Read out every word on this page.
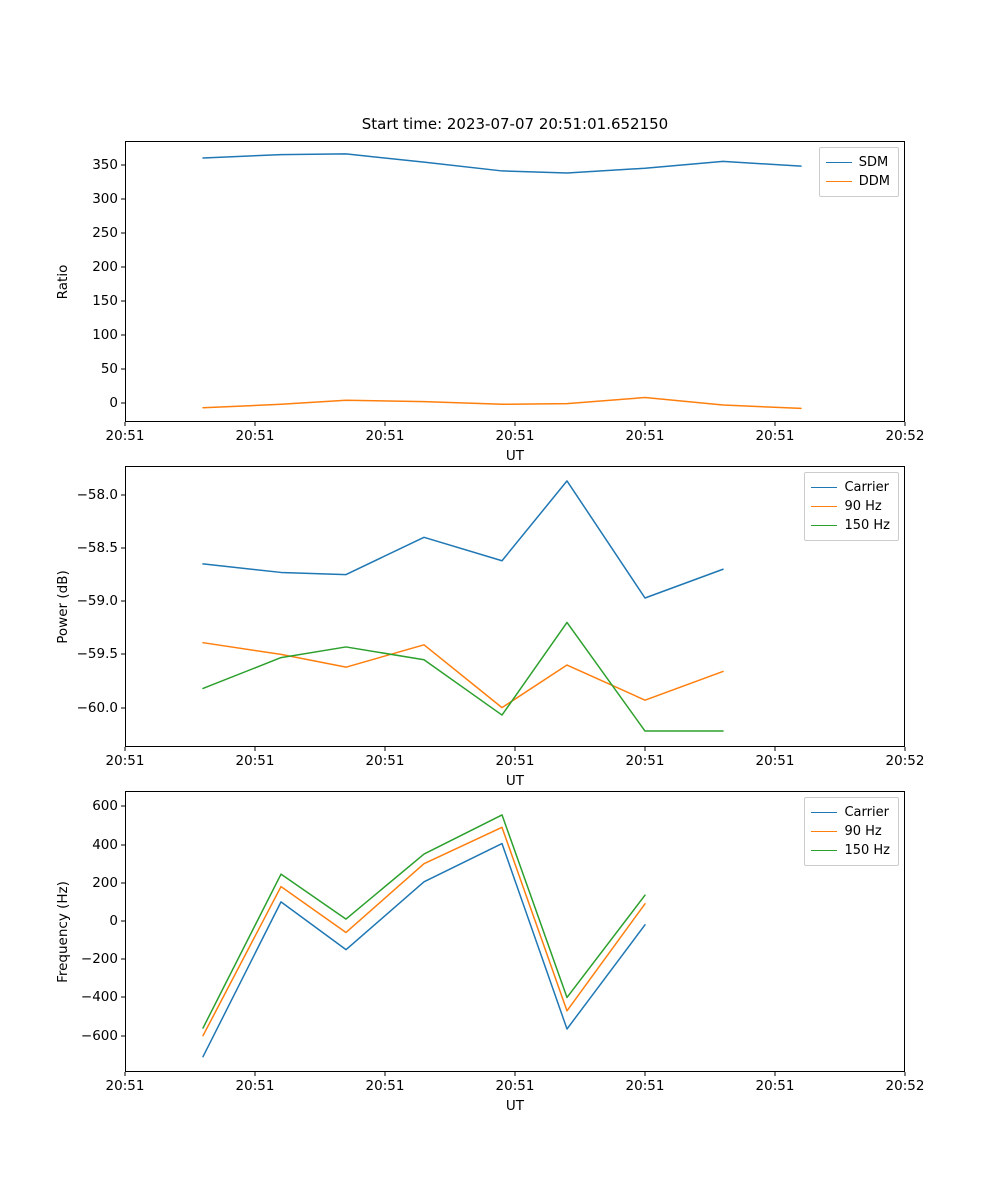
Start time: 2023-07-07 20:51:01.652150
Ratio
UT
SDM
DDM
0
50
100
150
200
250
300
350
20:51	20:51	20:51	20:51	20:51	20:51	20:52
Power (dB)
UT
Carrier
90 Hz
150 Hz
−60.0
−59.5
−59.0
−58.5
−58.0
20:51	20:51	20:51	20:51	20:51	20:51	20:52
Frequency (Hz)
UT
Carrier
90 Hz
150 Hz
−600
−400
−200
0
200
400
600
20:51	20:51	20:51	20:51	20:51	20:51	20:52
